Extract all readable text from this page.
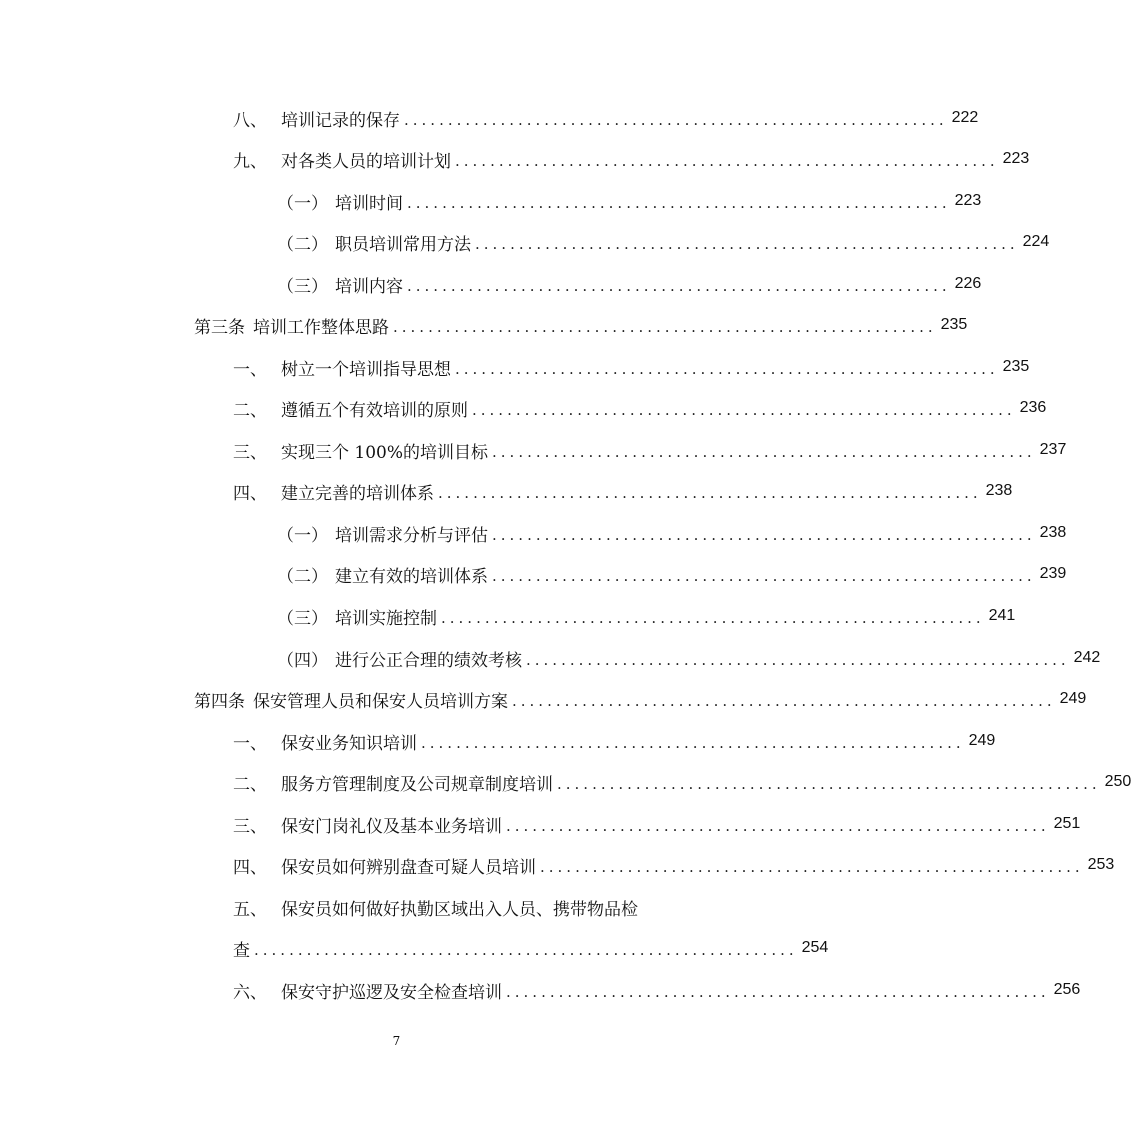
八、 培训记录的保存 .............................................................. 222
九、 对各类人员的培训计划 .............................................................. 223
（一） 培训时间 .............................................................. 223
（二） 职员培训常用方法 .............................................................. 224
（三） 培训内容 .............................................................. 226
第三条 培训工作整体思路 .............................................................. 235
一、 树立一个培训指导思想 .............................................................. 235
二、 遵循五个有效培训的原则 .............................................................. 236
三、 实现三个 100%的培训目标 .............................................................. 237
四、 建立完善的培训体系 .............................................................. 238
（一） 培训需求分析与评估 .............................................................. 238
（二） 建立有效的培训体系 .............................................................. 239
（三） 培训实施控制 .............................................................. 241
（四） 进行公正合理的绩效考核 .............................................................. 242
第四条 保安管理人员和保安人员培训方案 .............................................................. 249
一、 保安业务知识培训 .............................................................. 249
二、 服务方管理制度及公司规章制度培训 .............................................................. 250
三、 保安门岗礼仪及基本业务培训 .............................................................. 251
四、 保安员如何辨别盘查可疑人员培训 .............................................................. 253
五、 保安员如何做好执勤区域出入人员、携带物品检
查 .............................................................. 254
六、 保安守护巡逻及安全检查培训 .............................................................. 256
7
